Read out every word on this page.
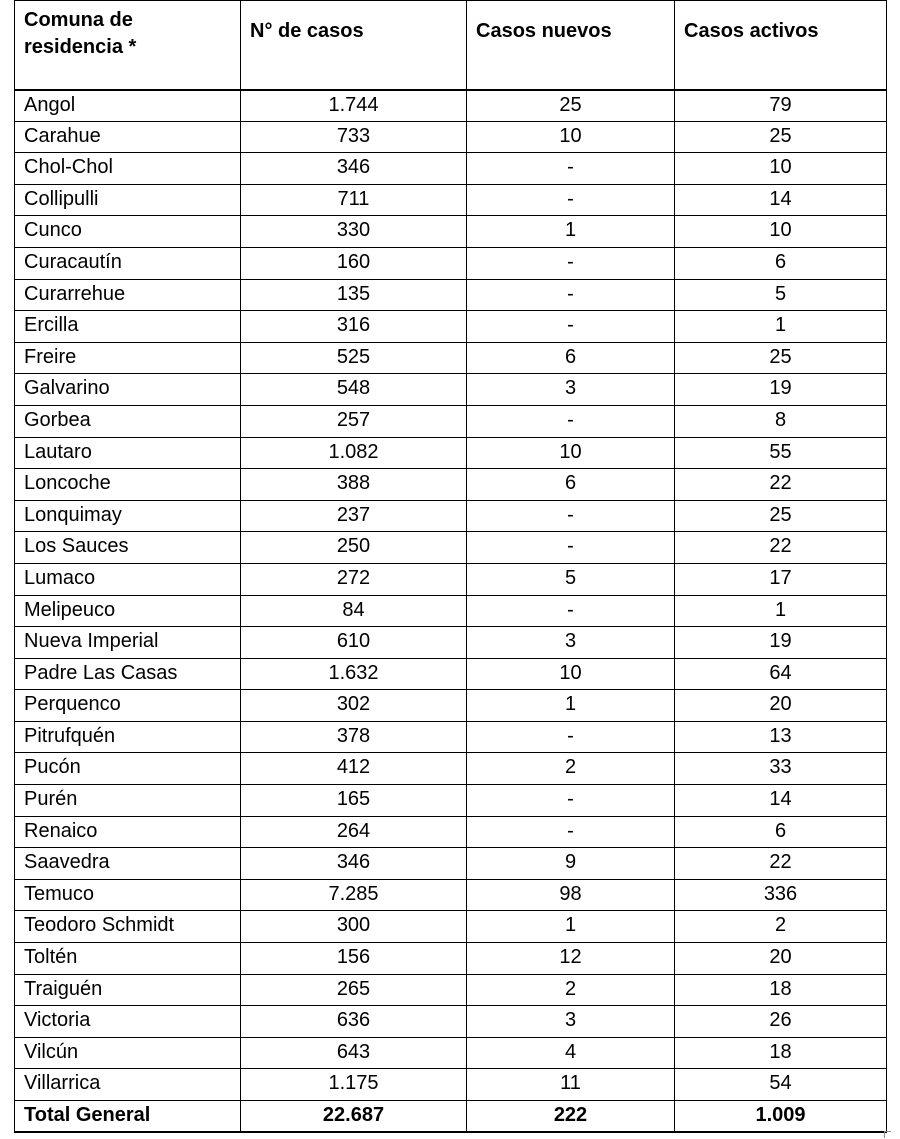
Comuna de
residencia *	N° de casos	Casos nuevos	Casos activos
Angol	1.744	25	79
Carahue	733	10	25
Chol-Chol	346	-	10
Collipulli	711	-	14
Cunco	330	1	10
Curacautín	160	-	6
Curarrehue	135	-	5
Ercilla	316	-	1
Freire	525	6	25
Galvarino	548	3	19
Gorbea	257	-	8
Lautaro	1.082	10	55
Loncoche	388	6	22
Lonquimay	237	-	25
Los Sauces	250	-	22
Lumaco	272	5	17
Melipeuco	84	-	1
Nueva Imperial	610	3	19
Padre Las Casas	1.632	10	64
Perquenco	302	1	20
Pitrufquén	378	-	13
Pucón	412	2	33
Purén	165	-	14
Renaico	264	-	6
Saavedra	346	9	22
Temuco	7.285	98	336
Teodoro Schmidt	300	1	2
Toltén	156	12	20
Traiguén	265	2	18
Victoria	636	3	26
Vilcún	643	4	18
Villarrica	1.175	11	54
Total General	22.687	222	1.009
